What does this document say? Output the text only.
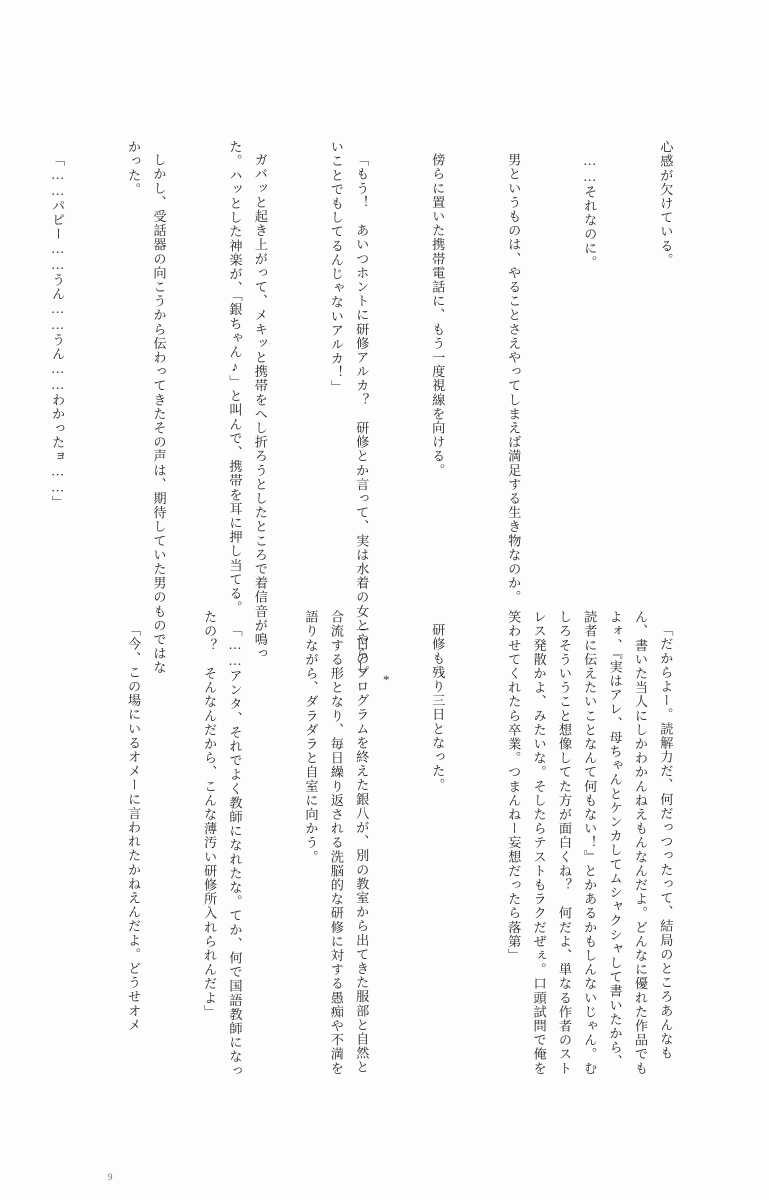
心感が欠けている。

……それなのに。

男というものは、やることさえやってしまえば満足する生き物なのか。

傍らに置いた携帯電話に、もう一度視線を向ける。

「もう！　あいつホントに研修アルカ？　研修とか言って、実は水着の女とやらしいことでもしてるんじゃないアルカ！」

ガバッと起き上がって、メキッと携帯をへし折ろうとしたところで着信音が鳴った。ハッとした神楽が、「銀ちゃん♪」と叫んで、携帯を耳に押し当てる。

しかし、受話器の向こうから伝わってきたその声は、期待していた男のものではなかった。

「……パピー……うん……うん……わかったョ……」

*

	「だからよー。読解力だ、何だっつったって、結局のところあんなもん、書いた当人にしかわかんねえもんなんだよ。どんなに優れた作品でもよォ、『実はアレ、母ちゃんとケンカしてムシャクシャして書いたから、読者に伝えたいことなんて何もない！』とかあるかもしんないじゃん。むしろそういうこと想像してた方が面白くね？　何だよ、単なる作者のストレス発散かよ、みたいな。そしたらテストもラクだぜぇ。口頭試問で俺を笑わせてくれたら卒業。つまんねー妄想だったら落第」

研修も残り三日となった。

一日のプログラムを終えた銀八が、別の教室から出てきた服部と自然と合流する形となり、毎日繰り返される洗脳的な研修に対する愚痴や不満を語りながら、ダラダラと自室に向かう。

「……アンタ、それでよく教師になれたな。てか、何で国語教師になったの？　そんなんだから、こんな薄汚い研修所入れられんだよ」

「今、この場にいるオメーに言われたかねえんだよ。どうせオメ

9
